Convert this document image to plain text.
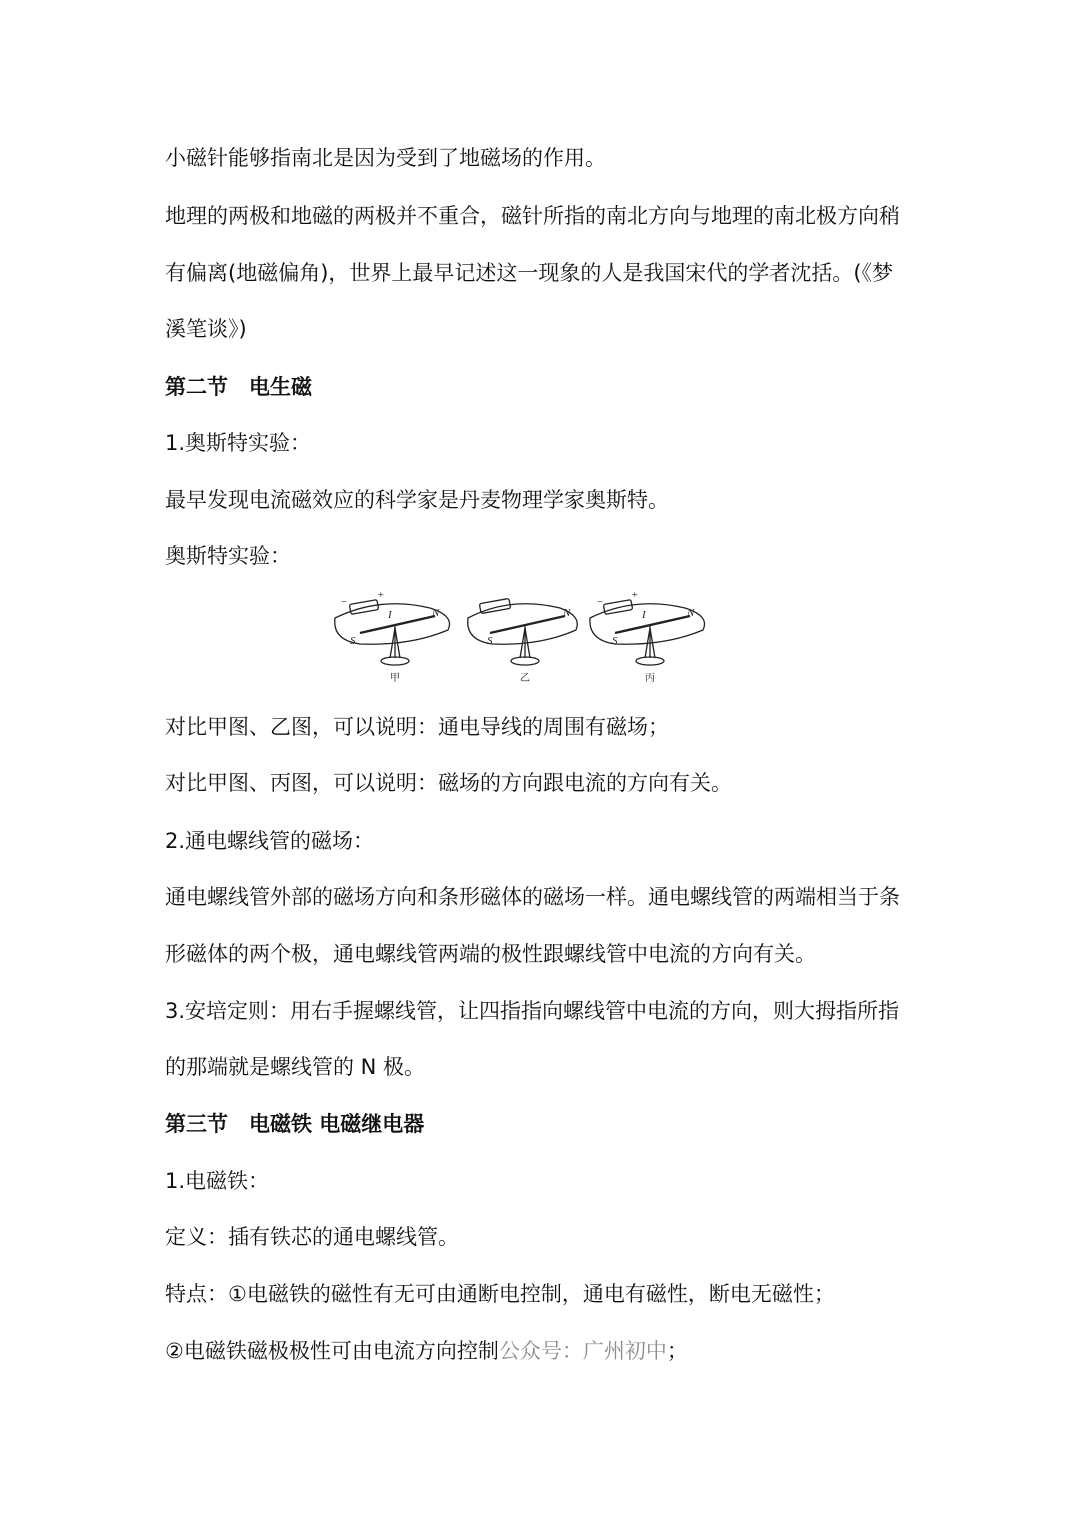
小磁针能够指南北是因为受到了地磁场的作用。
地理的两极和地磁的两极并不重合，磁针所指的南北方向与地理的南北极方向稍
有偏离(地磁偏角)，世界上最早记述这一现象的人是我国宋代的学者沈括。(《梦
溪笔谈》)
第二节　电生磁
1.奥斯特实验：
最早发现电流磁效应的科学家是丹麦物理学家奥斯特。
奥斯特实验：
−
+
I	N
S
N
S
−
+
I	N
S
甲	乙	丙
对比甲图、乙图，可以说明：通电导线的周围有磁场；
对比甲图、丙图，可以说明：磁场的方向跟电流的方向有关。
2.通电螺线管的磁场：
通电螺线管外部的磁场方向和条形磁体的磁场一样。通电螺线管的两端相当于条
形磁体的两个极，通电螺线管两端的极性跟螺线管中电流的方向有关。
3.安培定则：用右手握螺线管，让四指指向螺线管中电流的方向，则大拇指所指
的那端就是螺线管的 N 极。
第三节　电磁铁 电磁继电器
1.电磁铁：
定义：插有铁芯的通电螺线管。
特点：①电磁铁的磁性有无可由通断电控制，通电有磁性，断电无磁性；
②电磁铁磁极极性可由电流方向控制公众号：广州初中；
